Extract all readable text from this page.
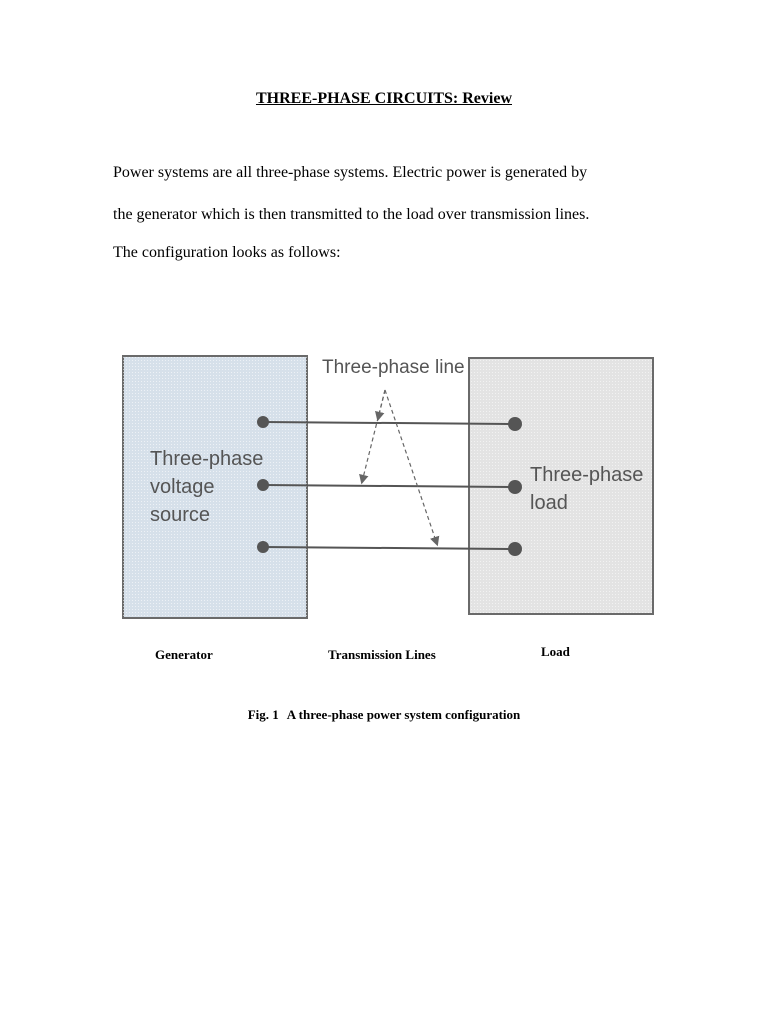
THREE-PHASE CIRCUITS: Review
Power systems are all three-phase systems. Electric power is generated by
the generator which is then transmitted to the load over transmission lines.
The configuration looks as follows:
Three-phase line
Three-phase
voltage
source
Three-phase
load
Generator	Transmission Lines	Load
Fig. 1 A three-phase power system configuration
